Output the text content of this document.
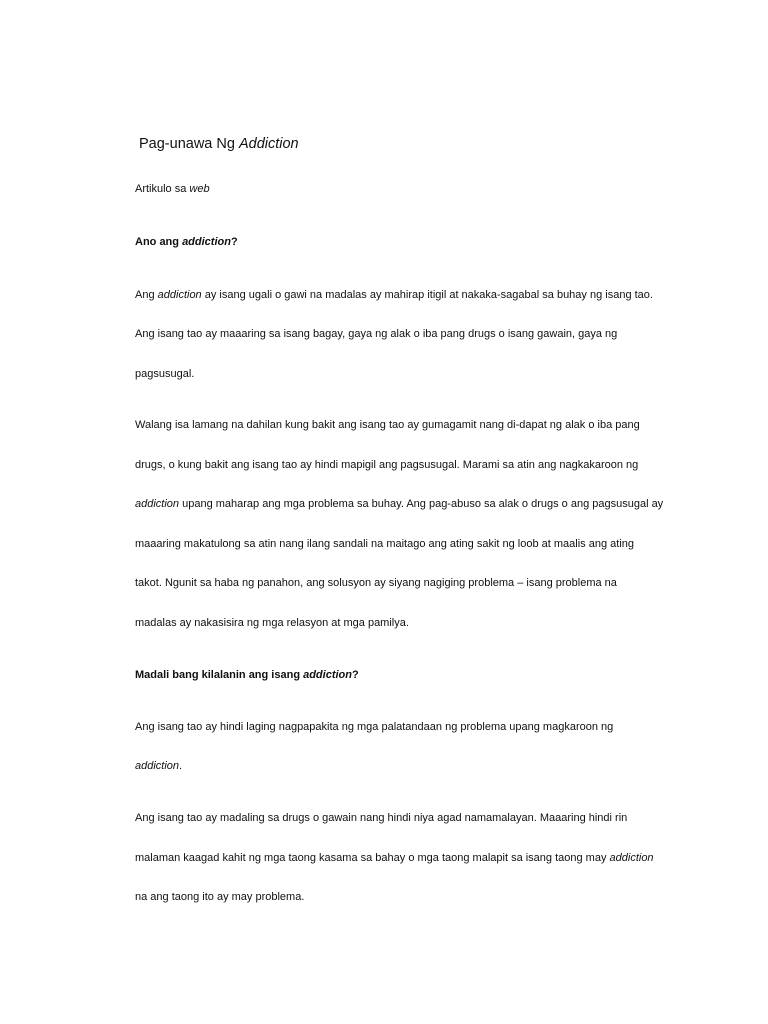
Pag-unawa Ng Addiction

Artikulo sa web

Ano ang addiction?

Ang addiction ay isang ugali o gawi na madalas ay mahirap itigil at nakaka-sagabal sa buhay ng isang tao.

Ang isang tao ay maaaring sa isang bagay, gaya ng alak o iba pang drugs o isang gawain, gaya ng

pagsusugal.

Walang isa lamang na dahilan kung bakit ang isang tao ay gumagamit nang di-dapat ng alak o iba pang

drugs, o kung bakit ang isang tao ay hindi mapigil ang pagsusugal. Marami sa atin ang nagkakaroon ng

addiction upang maharap ang mga problema sa buhay. Ang pag-abuso sa alak o drugs o ang pagsusugal ay

maaaring makatulong sa atin nang ilang sandali na maitago ang ating sakit ng loob at maalis ang ating

takot. Ngunit sa haba ng panahon, ang solusyon ay siyang nagiging problema – isang problema na

madalas ay nakasisira ng mga relasyon at mga pamilya.

Madali bang kilalanin ang isang addiction?

Ang isang tao ay hindi laging nagpapakita ng mga palatandaan ng problema upang magkaroon ng

addiction.

Ang isang tao ay madaling sa drugs o gawain nang hindi niya agad namamalayan. Maaaring hindi rin

malaman kaagad kahit ng mga taong kasama sa bahay o mga taong malapit sa isang taong may addiction

na ang taong ito ay may problema.
